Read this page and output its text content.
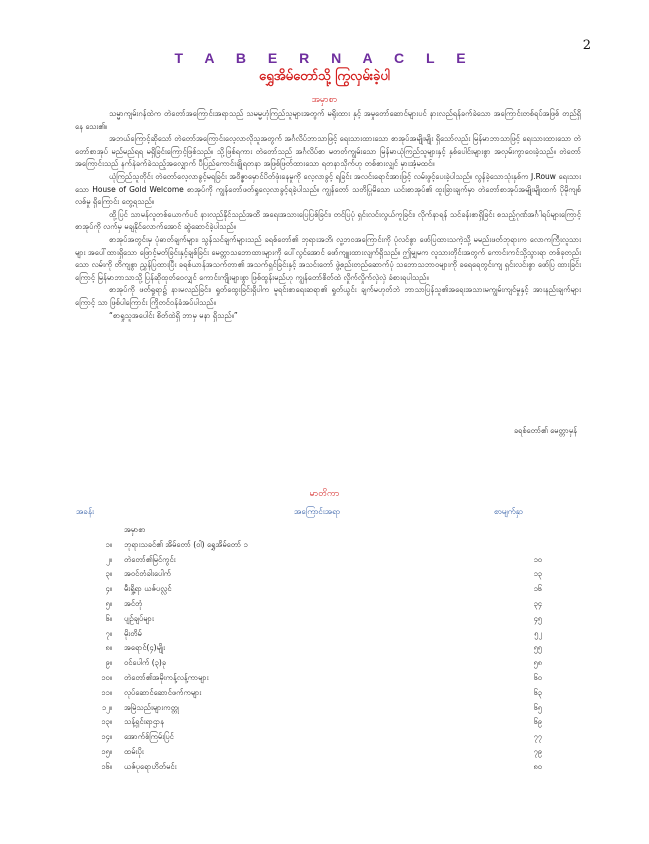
2
T A B E R N A C L E
ရွှေအိမ်တော်သို့ ကြွလှမ်းခဲ့ပါ
အမှာစာ

သမ္မာကျမ်းဂန်ထဲက တဲတော်အကြောင်းအရာသည် သမမ္မဟုံကြည်သူများအတွက် မရိုးထား နှင့် အမှုတော်ဆောင်များပင် နားလည်ရန်ခက်ခဲသော အကြောင်းတစ်ရပ်အဖြစ် တည်ရှိနေ သေး၏။

အဘယ်ကြောင့်ဆိုသော် တဲတော်အကြောင်းလေ့လာလိုသူအတွက် အင်္ဂလိပ်ဘာသာဖြင့် ရေးသားထားသော စာအုပ်အမျိုးမျိုး ရှိသော်လည်း မြန်မာဘာသာဖြင့် ရေးသားထားသော တဲတော်စာအုပ် မည်မည်ရရ မရှိခြင်းကြောင့်ဖြစ်သည်။ သို့ဖြစ်ရကား တဲတော်သည် အင်္ဂလိပ်စာ မတတ်ကျွမ်းသော မြန်မာယုံကြည်သူများနှင့် နှစ်ပေါင်းများစွာ အလှမ်းကွာဝေးခဲ့သည်။ တဲတော် အကြောင်းသည် နက်နဲခက်ခဲသည့်အလျှောက် ပီပြည်ကောင်းချိုရတနာ အဖြစ်ဖြတ်ထားသော ရတနာသိုက်ဟု တစ်စားလျှင် မှားအံ့မထင်။

ယုံကြည်သူတိုင်း တဲတော်လေ့လာခွင့်မရခြင်း အဝိဇ္ဇာမှောင်ပိတ်ဖုံးနေမှုကို လေ့လာခွင့် ရခြင်း အလင်းရောင်အားဖြင့် လမ်းဖွင့်ပေးခဲ့ပါသည်။ လွန်ခဲ့သောသုံးနှစ်က J.Rouw ရေးသား သော House of Gold Welcome စာအုပ်ကို ကျွန်တော်ဖတ်ရှုလေ့လာခွင့်ရခဲ့ပါသည်။ ကျွန်တော် သတိပြုမိသော ယင်းစာအုပ်၏ ထူးခြားချက်မှာ တဲတော်စာအုပ်အမျိုးမျိုးထက် ပိုမိုကျစ်လစ်မှု ရှိကြောင်း တွေ့ရသည်။

ထို့ပြင် သာမန်လူတစ်ယောက်ပင် နားလည်နိုင်သည်အထိ အရေးအသားပြေပြစ်ခြင်း၊ တင်ပြပုံ ရှင်းလင်းလွယ်ကူခြင်း၊ လိုက်နာရန် သင်ခန်းစာရှိခြင်း စသည့်ဂုဏ်အင်္ဂါရပ်များကြောင့် စာအုပ်ကို လက်မှ မချနိုင်လောက်အောင် ဆွဲဆောင်ခဲ့ပါသည်။

စာအုပ်အတွင်းမှ ပုံဓာတ်ချက်များ၊ သွန်သင်ချက်များသည် ခရစ်တော်၏ ဘုရားအဘိ၊ လူ့ဘဝအကြောင်းကို ပုံလင်စွာ ဖော်ပြထားသကဲ့သို့ မမည်းဖတ်ဘုရားက လောကကြီးလူသားများ အပေါ်ထားရှိသော ဖြောင့်မတ်ခြင်းနှင့်ချစ်ခြင်း မေတ္တာသဘောထားများကို ပေါ်လွင်အောင် ဖော်ကျူးထားလျက်ရှိသည်။ ဤမျှမက လူသားတိုင်းအတွက် ကောင်းကင်သို့သွားရာ တစ်ခုတည်းသော လမ်းကို တိကျစွာ ညွှန်ပြထားပြီး ခရစ်ယာန်အသက်တာ၏ အသက်ရှင်ခြင်းနှင့် အသင်းတော် ဖွဲ့စည်းတည်ဆောက်ပုံ သဘောသဘာဝများကို ခရေရေတွင်းကျ ရှင်းလင်းစွာ ဖော်ပြ ထားခြင်းကြောင့် မြန်မာဘာသာသို့ ပြန်ဆိုထုတ်ဝေလျှင် ကောင်းကျိုးများစွာ ဖြစ်ထွန်းမည်ဟု ကျွန်တော်စိတ်ထဲ လှိုက်လှိုက်လှဲလှဲ ခံစားရပါသည်။

စာအုပ်ကို ဖတ်ရှုရာ၌ နားမလည်ခြင်း၊ ရှုတ်ထွေးခြင်းရှိပါက မူရင်းစာရေးဆရာ၏ ရှုတ်ယွင်း ချက်မဟုတ်ဘဲ ဘာသာပြန်သူ၏အရေးအသားမကျွမ်းကျင်မှုနှင့် အားနည်းချက်များကြောင့် သာ ဖြစ်ပါကြောင်း ကြိုတင်ဝန်ခံအပ်ပါသည်။

“စာရှုသူအပေါင်း စိတ်ထဲရှိ ဘာမှ မနာ ရှိသည်။”

ခရစ်တော်၏ မေတ္တာမှန်
မာတိကာ
အခန်း	အကြောင်းအရာ	စာမျက်နှာ
အမှာစာ
၁။ ဘုရားသခင်၏ အိမ်တော် (ဝါ) ရွှေအိမ်တော် ၁
၂။ တဲတော်၏မြင်ကွင်း	၁၀
၃။ အဝင်တံခါးပေါက်	၁၃
၄။ မီးရှို့ရာ ယဇ်ပလ္လင်	၁၆
၅။ အင်တုံ	၃၄
၆။ ပျဉ်ချပ်များ	၄၅
၇။ မိုးတိမ်	၅၂
၈။ အရောင်(၄)မျိုး	၅၅
၉။ ဝင်ပေါက် (၃)ခု	၅၈
၁၀။ တဲတော်၏အမိုးကန့်လန့်ကာများ	၆၀
၁၁။ လုပ်ဆောင်ဆောင်ဖက်ကများ	၆၃
၁၂။ အမြဲသည်းများကတ္တု	၆၅
၁၃။ သန့်ရှင်းရာဌာန	၆၉
၁၄။ အောက်စ်ကြမ်းပြင်	၇၇
၁၅။ ထမ်းပိုး	၇၉
၁၆။ ယဇ်ပုရောဟိတ်မင်း	၈၀
